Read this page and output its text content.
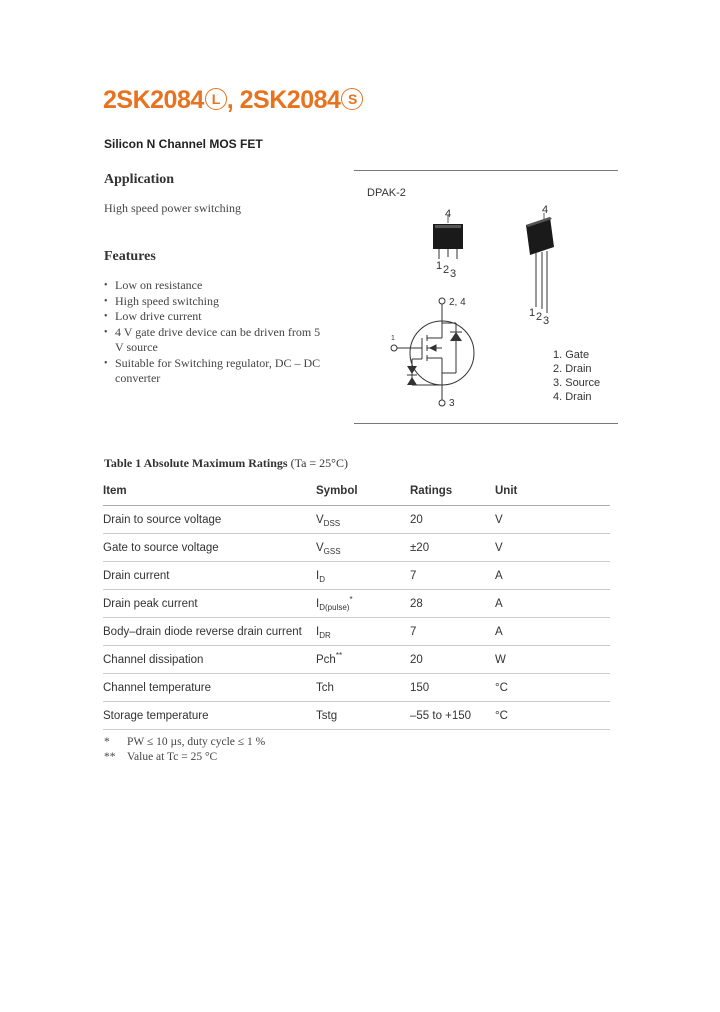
2SK2084 L , 2SK2084 S
Silicon N Channel MOS FET
Application
High speed power switching
Features
• Low on resistance
• High speed switching
• Low drive current
• 4 V gate drive device can be driven from 5 V source
• Suitable for Switching regulator, DC – DC converter
DPAK-2
4
1 2 3
4
1 2 3
2, 4
3
1
1. Gate
2. Drain
3. Source
4. Drain
Table 1 Absolute Maximum Ratings (Ta = 25°C)
Item	Symbol	Ratings	Unit
Drain to source voltage	$V_{DSS}$	20	V
Gate to source voltage	$V_{GSS}$	±20	V
Drain current	$I_D$	7	A
Drain peak current	$I_{D(pulse)}^*$	28	A
Body–drain diode reverse drain current	$I_{DR}$	7	A
Channel dissipation	Pch**	20	W
Channel temperature	Tch	150	°C
Storage temperature	Tstg	–55 to +150	°C
* PW ≤ 10 µs, duty cycle ≤ 1 %
** Value at Tc = 25 °C
